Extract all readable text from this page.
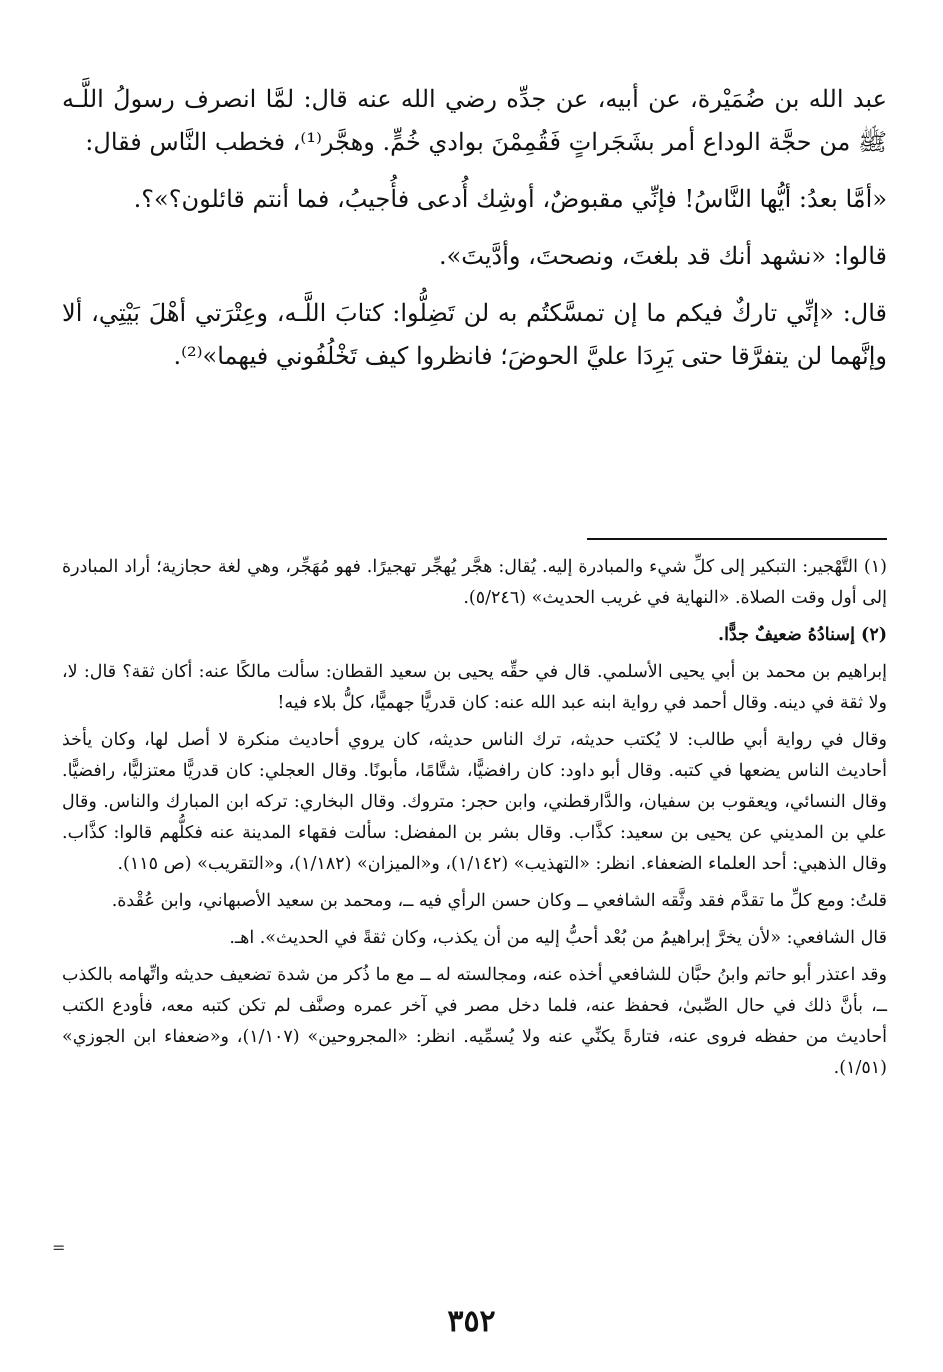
عبد الله بن ضُمَيْرة، عن أبيه، عن جدِّه رضي الله عنه قال: لمَّا انصرف رسولُ اللَّـه ﷺ من حجَّة الوداع أمر بشَجَراتٍ فَقُمِمْنَ بوادي خُمٍّ. وهجَّر⁽¹⁾، فخطب النَّاس فقال:

«أمَّا بعدُ: أيُّها النَّاسُ! فإنِّي مقبوضٌ، أوشِك أُدعى فأُجيبُ، فما أنتم قائلون؟»؟.

قالوا: «نشهد أنك قد بلغتَ، ونصحتَ، وأدَّيتَ».

قال: «إنِّي تاركٌ فيكم ما إن تمسَّكتُم به لن تَضِلُّوا: كتابَ اللَّـه، وعِتْرَتي أهْلَ بَيْتِي، ألا وإنَّهما لن يتفرَّقا حتى يَرِدَا عليَّ الحوضَ؛ فانظروا كيف تَخْلُفُوني فيهما»⁽²⁾.

(١) التَّهْجير: التبكير إلى كلِّ شيء والمبادرة إليه. يُقال: هجَّر يُهجِّر تهجيرًا. فهو مُهَجِّر، وهي لغة حجازية؛ أراد المبادرة إلى أول وقت الصلاة. «النهاية في غريب الحديث» (٥/٢٤٦).

(٢) إسنادُهُ ضعيفٌ جدًّا.

إبراهيم بن محمد بن أبي يحيى الأسلمي. قال في حقِّه يحيى بن سعيد القطان: سألت مالكًا عنه: أكان ثقة؟ قال: لا، ولا ثقة في دينه. وقال أحمد في رواية ابنه عبد الله عنه: كان قدريًّا جهميًّا، كلُّ بلاء فيه!

وقال في رواية أبي طالب: لا يُكتب حديثه، ترك الناس حديثه، كان يروي أحاديث منكرة لا أصل لها، وكان يأخذ أحاديث الناس يضعها في كتبه. وقال أبو داود: كان رافضيًّا، شتَّامًا، مأبونًا. وقال العجلي: كان قدريًّا معتزليًّا، رافضيًّا. وقال النسائي، ويعقوب بن سفيان، والدَّارقطني، وابن حجر: متروك. وقال البخاري: تركه ابن المبارك والناس. وقال علي بن المديني عن يحيى بن سعيد: كذَّاب. وقال بشر بن المفضل: سألت فقهاء المدينة عنه فكلُّهم قالوا: كذَّاب. وقال الذهبي: أحد العلماء الضعفاء. انظر: «التهذيب» (١/١٤٢)، و«الميزان» (١/١٨٢)، و«التقريب» (ص ١١٥).

قلتُ: ومع كلِّ ما تقدَّم فقد وثَّقه الشافعي ــ وكان حسن الرأي فيه ــ، ومحمد بن سعيد الأصبهاني، وابن عُقْدة.

قال الشافعي: «لأن يخرَّ إبراهيمُ من بُعْد أحبُّ إليه من أن يكذب، وكان ثقةً في الحديث». اهـ.

وقد اعتذر أبو حاتم وابنُ حبَّان للشافعي أخذه عنه، ومجالسته له ــ مع ما ذُكر من شدة تضعيف حديثه واتِّهامه بالكذب ــ، بأنَّ ذلك في حال الصِّبىٰ، فحفظ عنه، فلما دخل مصر في آخر عمره وصنَّف لم تكن كتبه معه، فأودع الكتب أحاديث من حفظه فروى عنه، فتارةً يكنِّي عنه ولا يُسمِّيه. انظر: «المجروحين» (١/١٠٧)، و«ضعفاء ابن الجوزي» (١/٥١).

=
٣٥٢
